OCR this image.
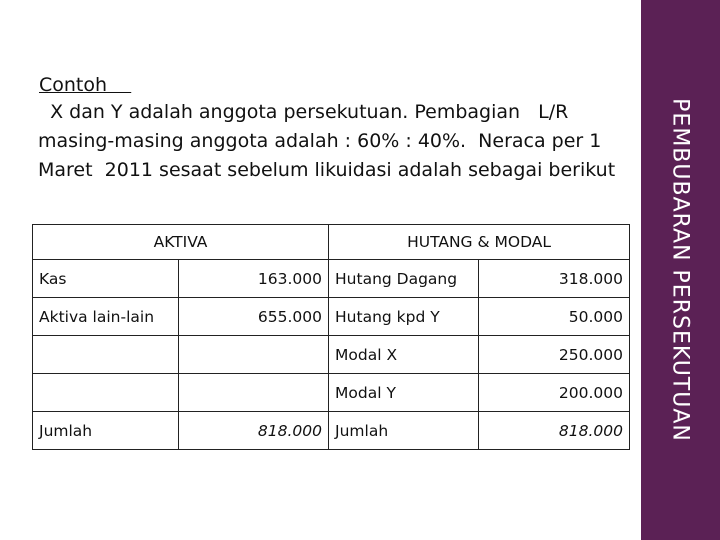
Contoh
X dan Y adalah anggota persekutuan. Pembagian   L/R
masing-masing anggota adalah : 60% : 40%.  Neraca per 1
Maret  2011 sesaat sebelum likuidasi adalah sebagai berikut
AKTIVA		HUTANG & MODAL	
Kas	163.000	Hutang Dagang	318.000
Aktiva lain-lain	655.000	Hutang kpd Y	50.000
		Modal X	250.000
		Modal Y	200.000
Jumlah	818.000	Jumlah	818.000 PEMBUBARAN PERSEKUTUAN
